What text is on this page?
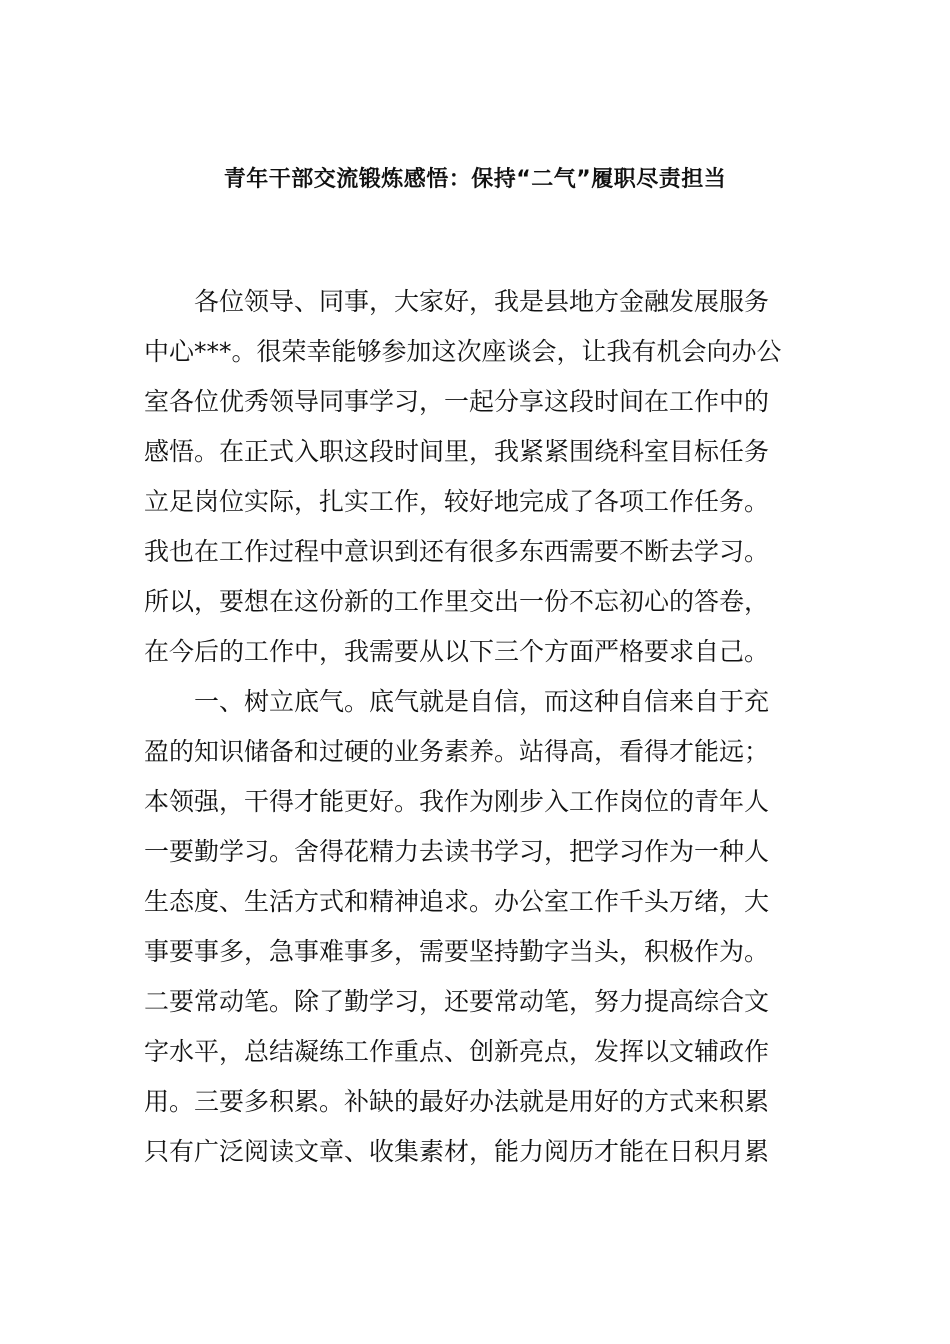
青年干部交流锻炼感悟：保持“二气”履职尽责担当
各位领导、同事，大家好，我是县地方金融发展服务
中心***。很荣幸能够参加这次座谈会，让我有机会向办公
室各位优秀领导同事学习，一起分享这段时间在工作中的
感悟。在正式入职这段时间里，我紧紧围绕科室目标任务
立足岗位实际，扎实工作，较好地完成了各项工作任务。
我也在工作过程中意识到还有很多东西需要不断去学习。
所以，要想在这份新的工作里交出一份不忘初心的答卷，
在今后的工作中，我需要从以下三个方面严格要求自己。
一、树立底气。底气就是自信，而这种自信来自于充
盈的知识储备和过硬的业务素养。站得高，看得才能远；
本领强，干得才能更好。我作为刚步入工作岗位的青年人
一要勤学习。舍得花精力去读书学习，把学习作为一种人
生态度、生活方式和精神追求。办公室工作千头万绪，大
事要事多，急事难事多，需要坚持勤字当头，积极作为。
二要常动笔。除了勤学习，还要常动笔，努力提高综合文
字水平，总结凝练工作重点、创新亮点，发挥以文辅政作
用。三要多积累。补缺的最好办法就是用好的方式来积累
只有广泛阅读文章、收集素材，能力阅历才能在日积月累
